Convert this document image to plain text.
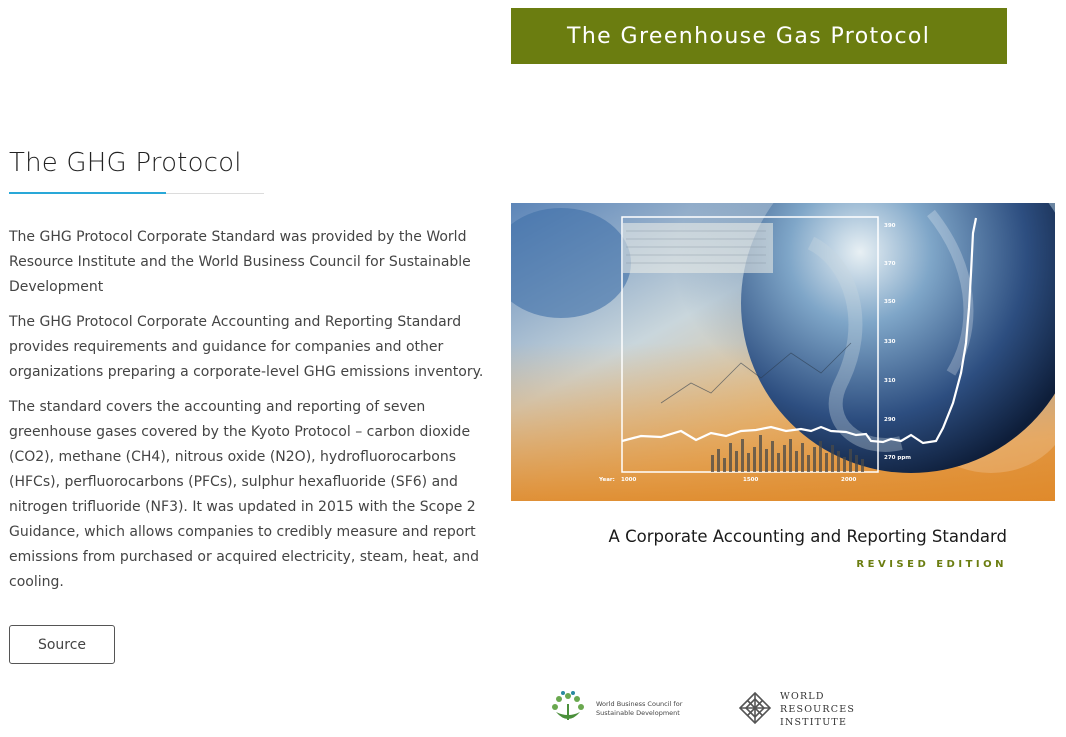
The GHG Protocol

The GHG Protocol Corporate Standard was provided by the World Resource Institute and the World Business Council for Sustainable Development

The GHG Protocol Corporate Accounting and Reporting Standard provides requirements and guidance for companies and other organizations preparing a corporate-level GHG emissions inventory.

The standard covers the accounting and reporting of seven greenhouse gases covered by the Kyoto Protocol – carbon dioxide (CO2), methane (CH4), nitrous oxide (N2O), hydrofluorocarbons (HFCs), perfluorocarbons (PFCs), sulphur hexafluoride (SF6) and nitrogen trifluoride (NF3). It was updated in 2015 with the Scope 2 Guidance, which allows companies to credibly measure and report emissions from purchased or acquired electricity, steam, heat, and cooling.

Source
The Greenhouse Gas Protocol
390
370
350
330
310
290
270 ppm
Year: 1000	1500	2000
A Corporate Accounting and Reporting Standard
REVISED EDITION
World Business Council for
Sustainable Development
WORLD
RESOURCES
INSTITUTE
